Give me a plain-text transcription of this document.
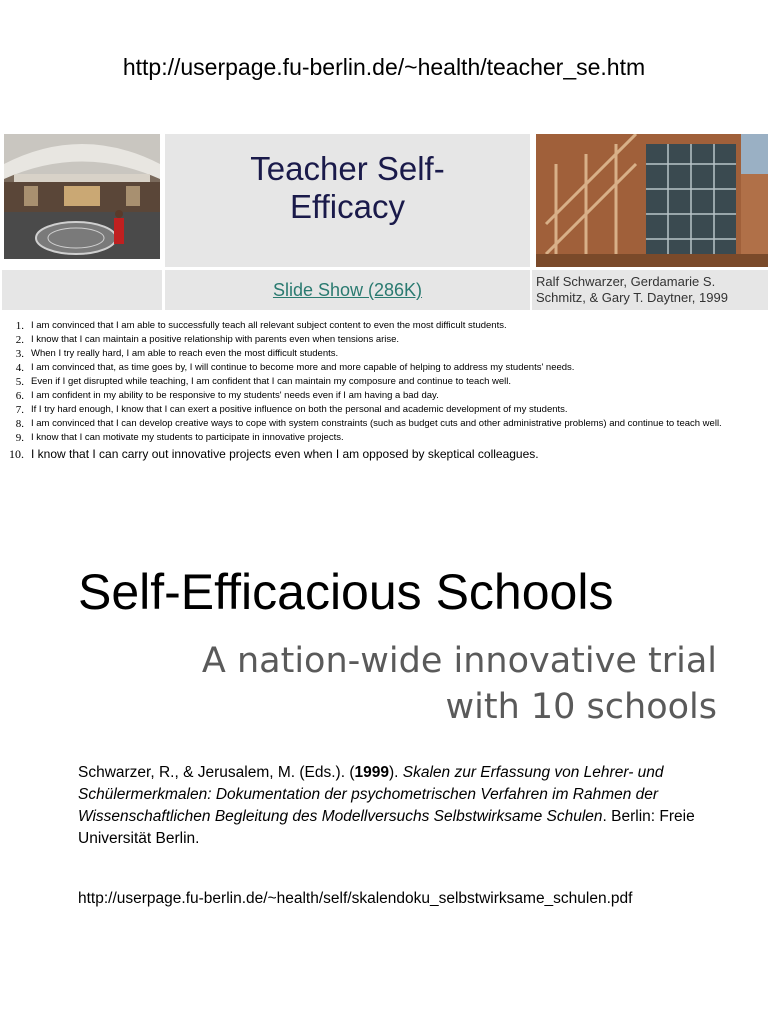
http://userpage.fu-berlin.de/~health/teacher_se.htm
Teacher Self-
Efficacy
Slide Show (286K)	Ralf Schwarzer, Gerdamarie S.
Schmitz, & Gary T. Daytner, 1999
1. I am convinced that I am able to successfully teach all relevant subject content to even the most difficult students.
2. I know that I can maintain a positive relationship with parents even when tensions arise.
3. When I try really hard, I am able to reach even the most difficult students.
4. I am convinced that, as time goes by, I will continue to become more and more capable of helping to address my students' needs.
5. Even if I get disrupted while teaching, I am confident that I can maintain my composure and continue to teach well.
6. I am confident in my ability to be responsive to my students' needs even if I am having a bad day.
7. If I try hard enough, I know that I can exert a positive influence on both the personal and academic development of my students.
8. I am convinced that I can develop creative ways to cope with system constraints (such as budget cuts and other administrative problems) and continue to teach well.
9. I know that I can motivate my students to participate in innovative projects.
10. I know that I can carry out innovative projects even when I am opposed by skeptical colleagues.
Self-Efficacious Schools
A nation-wide innovative trial
with 10 schools
Schwarzer, R., & Jerusalem, M. (Eds.). (1999). Skalen zur Erfassung von Lehrer- und Schülermerkmalen: Dokumentation der psychometrischen Verfahren im Rahmen der Wissenschaftlichen Begleitung des Modellversuchs Selbstwirksame Schulen. Berlin: Freie Universität Berlin.
http://userpage.fu-berlin.de/~health/self/skalendoku_selbstwirksame_schulen.pdf
